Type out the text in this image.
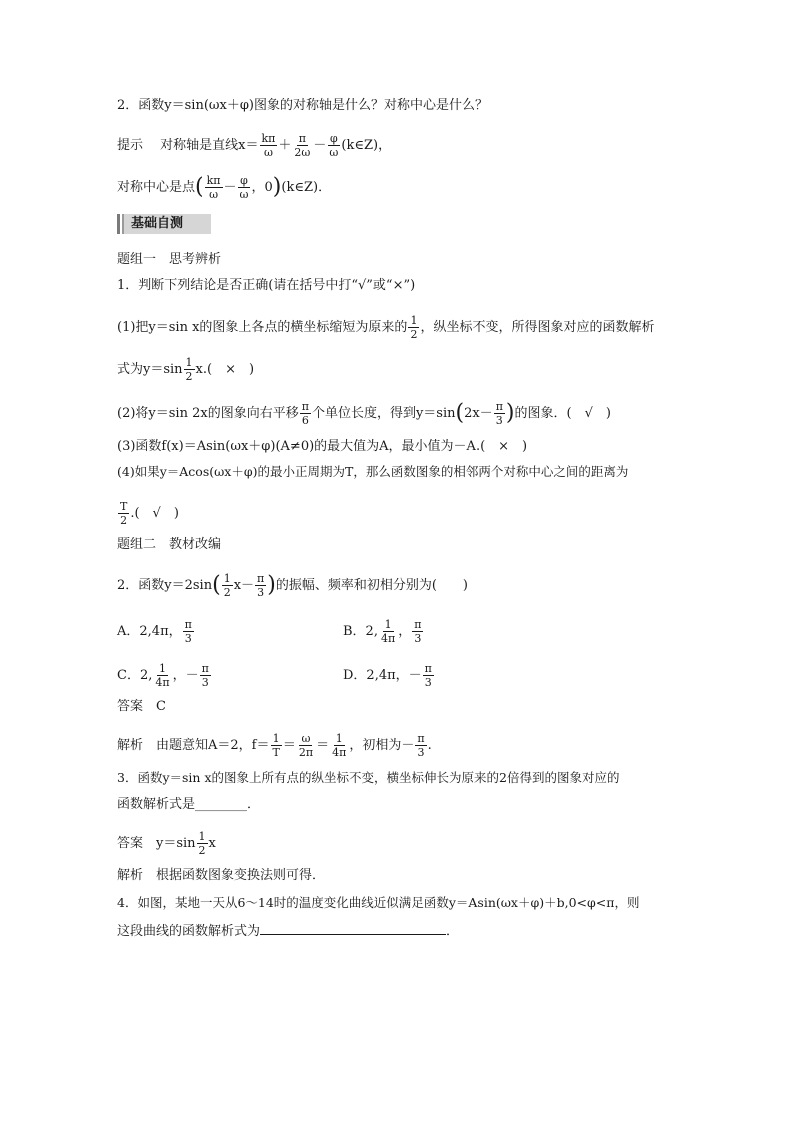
2．函数y＝sin(ωx＋φ)图象的对称轴是什么？对称中心是什么？
提示　 对称轴是直线$x= \frac{k\pi}{\omega} + \frac{\pi}{2\omega} - \frac{\varphi}{\omega}$ (k∈Z)，
对称中心是点( $\frac{k\pi}{\omega} - \frac{\varphi}{\omega}$ ，0)(k∈Z)．
基础自测
题组一　思考辨析
1．判断下列结论是否正确(请在括号中打“√”或“×”)
(1)把y＝sin x的图象上各点的横坐标缩短为原来的 $\frac{1}{2}$ ，纵坐标不变，所得图象对应的函数解析
式为$y=\sin \frac{1}{2} x$.(　×　)
(2)将y＝sin 2x的图象向右平移 $\frac{\pi}{6}$ 个单位长度，得到$y=\sin(2x- \frac{\pi}{3}$ )的图象．(　√　)
(3)函数f(x)＝Asin(ωx＋φ)(A≠0)的最大值为A，最小值为－A.(　×　)
(4)如果y＝Acos(ωx＋φ)的最小正周期为T，那么函数图象的相邻两个对称中心之间的距离为
$\frac{T}{2}$ .(　√　)
题组二　教材改编
2．函数$y=2\sin( \frac{1}{2} x- \frac{\pi}{3}$ )的振幅、频率和初相分别为(　　)
A．2,4π， $\frac{\pi}{3}$	B．2, $\frac{1}{4\pi}$ ， $\frac{\pi}{3}$
C．2, $\frac{1}{4\pi}$ ，－ $\frac{\pi}{3}$	D．2,4π，－ $\frac{\pi}{3}$
答案　C
解析　由题意知A＝2，$f= \frac{1}{T} = \frac{\omega}{2\pi} = \frac{1}{4\pi}$ ，初相为－ $\frac{\pi}{3}$ .
3．函数y＝sin x的图象上所有点的纵坐标不变，横坐标伸长为原来的2倍得到的图象对应的
函数解析式是________．
答案　$y=\sin \frac{1}{2}$ x
解析　根据函数图象变换法则可得．
4．如图，某地一天从6～14时的温度变化曲线近似满足函数y＝Asin(ωx＋φ)＋b,0<φ<π，则
这段曲线的函数解析式为	．
